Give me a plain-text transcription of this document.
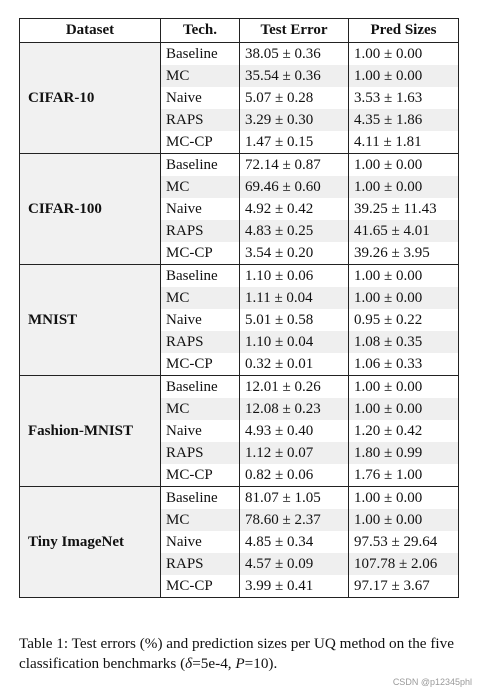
Dataset	Tech.	Test Error	Pred Sizes
CIFAR-10	Baseline	38.05 ± 0.36	1.00 ± 0.00
	MC	35.54 ± 0.36	1.00 ± 0.00
	Naive	5.07 ± 0.28	3.53 ± 1.63
	RAPS	3.29 ± 0.30	4.35 ± 1.86
	MC-CP	1.47 ± 0.15	4.11 ± 1.81
CIFAR-100	Baseline	72.14 ± 0.87	1.00 ± 0.00
	MC	69.46 ± 0.60	1.00 ± 0.00
	Naive	4.92 ± 0.42	39.25 ± 11.43
	RAPS	4.83 ± 0.25	41.65 ± 4.01
	MC-CP	3.54 ± 0.20	39.26 ± 3.95
MNIST	Baseline	1.10 ± 0.06	1.00 ± 0.00
	MC	1.11 ± 0.04	1.00 ± 0.00
	Naive	5.01 ± 0.58	0.95 ± 0.22
	RAPS	1.10 ± 0.04	1.08 ± 0.35
	MC-CP	0.32 ± 0.01	1.06 ± 0.33
Fashion-MNIST	Baseline	12.01 ± 0.26	1.00 ± 0.00
	MC	12.08 ± 0.23	1.00 ± 0.00
	Naive	4.93 ± 0.40	1.20 ± 0.42
	RAPS	1.12 ± 0.07	1.80 ± 0.99
	MC-CP	0.82 ± 0.06	1.76 ± 1.00
Tiny ImageNet	Baseline	81.07 ± 1.05	1.00 ± 0.00
	MC	78.60 ± 2.37	1.00 ± 0.00
	Naive	4.85 ± 0.34	97.53 ± 29.64
	RAPS	4.57 ± 0.09	107.78 ± 2.06
	MC-CP	3.99 ± 0.41	97.17 ± 3.67
Table 1: Test errors (%) and prediction sizes per UQ method on the five classification benchmarks (δ=5e-4, P=10).
CSDN @p12345phl
